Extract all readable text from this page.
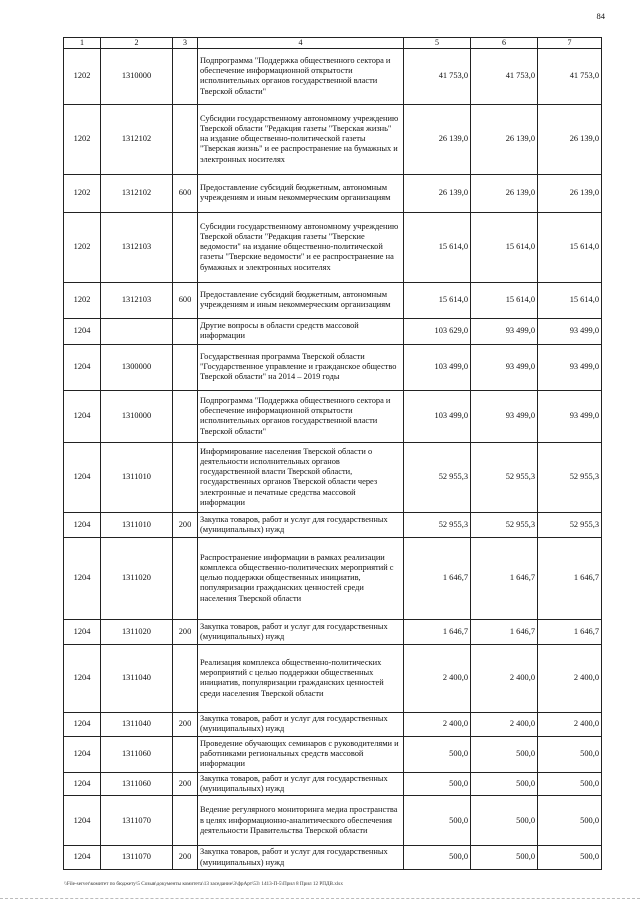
84
1	2	3	4	5	6	7
1202	1310000		Подпрограмма "Поддержка общественного сектора и обеспечение информационной открытости исполнительных органов государственной власти Тверской области"	41 753,0	41 753,0	41 753,0
1202	1312102		Субсидии государственному автономному учреждению Тверской области "Редакция газеты "Тверская жизнь" на издание общественно-политической газеты "Тверская жизнь" и ее распространение на бумажных и электронных носителях	26 139,0	26 139,0	26 139,0
1202	1312102	600	Предоставление субсидий бюджетным, автономным учреждениям и иным некоммерческим организациям	26 139,0	26 139,0	26 139,0
1202	1312103		Субсидии государственному автономному учреждению Тверской области "Редакция газеты "Тверские ведомости" на издание общественно-политической газеты "Тверские ведомости" и ее распространение на бумажных и электронных носителях	15 614,0	15 614,0	15 614,0
1202	1312103	600	Предоставление субсидий бюджетным, автономным учреждениям и иным некоммерческим организациям	15 614,0	15 614,0	15 614,0
1204			Другие вопросы в области средств массовой информации	103 629,0	93 499,0	93 499,0
1204	1300000		Государственная программа Тверской области "Государственное управление и гражданское общество Тверской области" на 2014 – 2019 годы	103 499,0	93 499,0	93 499,0
1204	1310000		Подпрограмма "Поддержка общественного сектора и обеспечение информационной открытости исполнительных органов государственной власти Тверской области"	103 499,0	93 499,0	93 499,0
1204	1311010		Информирование населения Тверской области о деятельности исполнительных органов государственной власти Тверской области, государственных органов Тверской области через электронные и печатные средства массовой информации	52 955,3	52 955,3	52 955,3
1204	1311010	200	Закупка товаров, работ и услуг для государственных (муниципальных) нужд	52 955,3	52 955,3	52 955,3
1204	1311020		Распространение информации в рамках реализации комплекса общественно-политических мероприятий с целью поддержки общественных инициатив, популяризации гражданских ценностей среди населения Тверской области	1 646,7	1 646,7	1 646,7
1204	1311020	200	Закупка товаров, работ и услуг для государственных (муниципальных) нужд	1 646,7	1 646,7	1 646,7
1204	1311040		Реализация комплекса общественно-политических мероприятий с целью поддержки общественных инициатив, популяризации гражданских ценностей среди населения Тверской области	2 400,0	2 400,0	2 400,0
1204	1311040	200	Закупка товаров, работ и услуг для государственных (муниципальных) нужд	2 400,0	2 400,0	2 400,0
1204	1311060		Проведение обучающих семинаров с руководителями и работниками региональных средств массовой информации	500,0	500,0	500,0
1204	1311060	200	Закупка товаров, работ и услуг для государственных (муниципальных) нужд	500,0	500,0	500,0
1204	1311070		Ведение регулярного мониторинга медиа пространства в целях информационно-аналитического обеспечения деятельности Правительства Тверской области	500,0	500,0	500,0
1204	1311070	200	Закупка товаров, работ и услуг для государственных (муниципальных) нужд	500,0	500,0	500,0
\\File-server\комитет по бюджету\5 Созыв\документы комитета\13 заседание\3\фрАрт\53\ 1413-П-5\Прил 8 Прил 12 РПДВ.xlsx
